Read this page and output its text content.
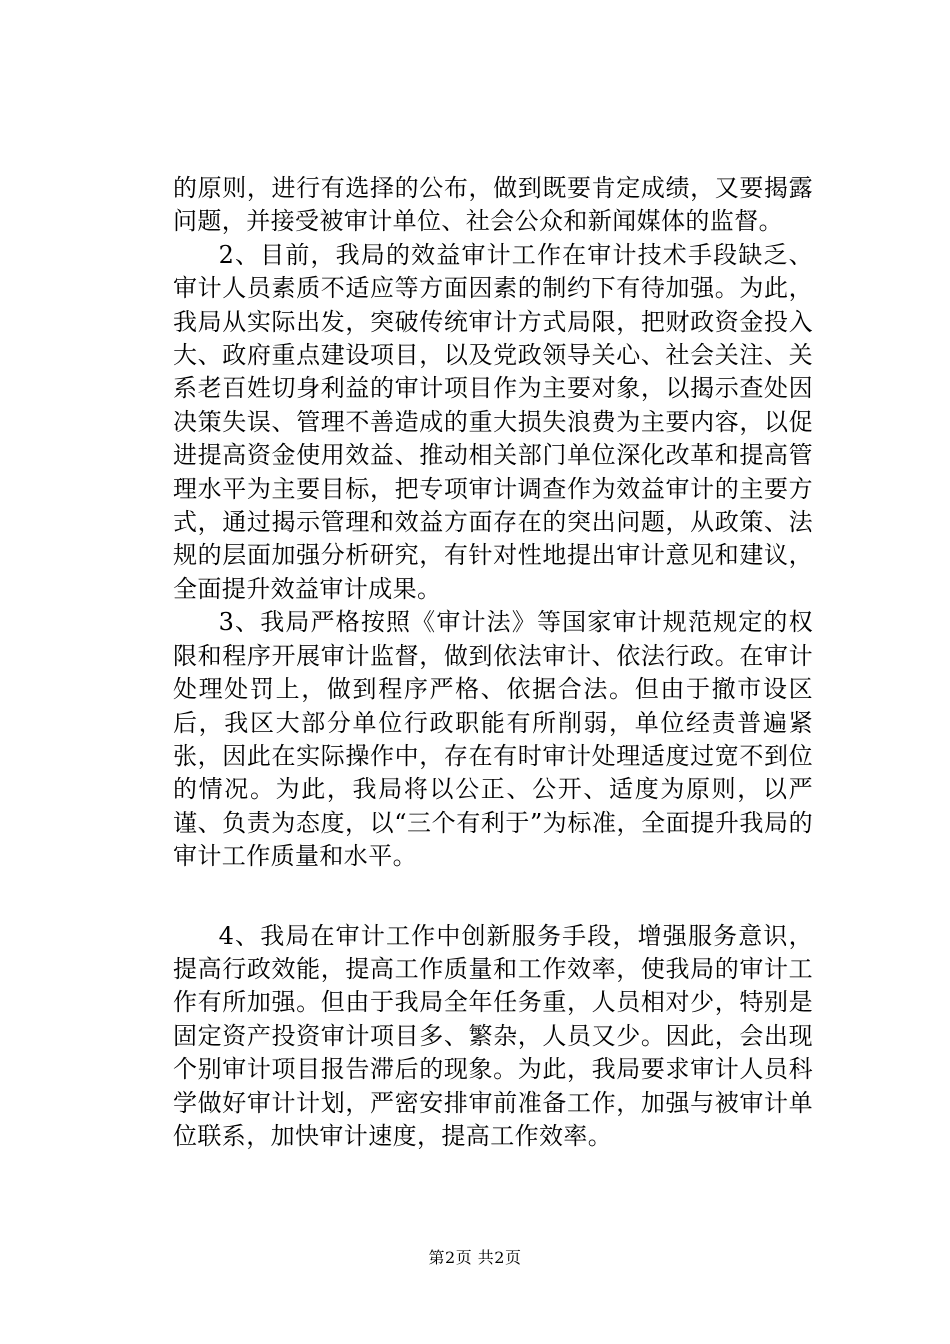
的原则，进行有选择的公布，做到既要肯定成绩，又要揭露问题，并接受被审计单位、社会公众和新闻媒体的监督。

2、目前，我局的效益审计工作在审计技术手段缺乏、审计人员素质不适应等方面因素的制约下有待加强。为此，我局从实际出发，突破传统审计方式局限，把财政资金投入大、政府重点建设项目，以及党政领导关心、社会关注、关系老百姓切身利益的审计项目作为主要对象，以揭示查处因决策失误、管理不善造成的重大损失浪费为主要内容，以促进提高资金使用效益、推动相关部门单位深化改革和提高管理水平为主要目标，把专项审计调查作为效益审计的主要方式，通过揭示管理和效益方面存在的突出问题，从政策、法规的层面加强分析研究，有针对性地提出审计意见和建议，全面提升效益审计成果。

3、我局严格按照《审计法》等国家审计规范规定的权限和程序开展审计监督，做到依法审计、依法行政。在审计处理处罚上，做到程序严格、依据合法。但由于撤市设区后，我区大部分单位行政职能有所削弱，单位经责普遍紧张，因此在实际操作中，存在有时审计处理适度过宽不到位的情况。为此，我局将以公正、公开、适度为原则，以严谨、负责为态度，以“三个有利于”为标准，全面提升我局的审计工作质量和水平。

4、我局在审计工作中创新服务手段，增强服务意识，提高行政效能，提高工作质量和工作效率，使我局的审计工作有所加强。但由于我局全年任务重，人员相对少，特别是固定资产投资审计项目多、繁杂，人员又少。因此，会出现个别审计项目报告滞后的现象。为此，我局要求审计人员科学做好审计计划，严密安排审前准备工作，加强与被审计单位联系，加快审计速度，提高工作效率。

第2页 共2页
